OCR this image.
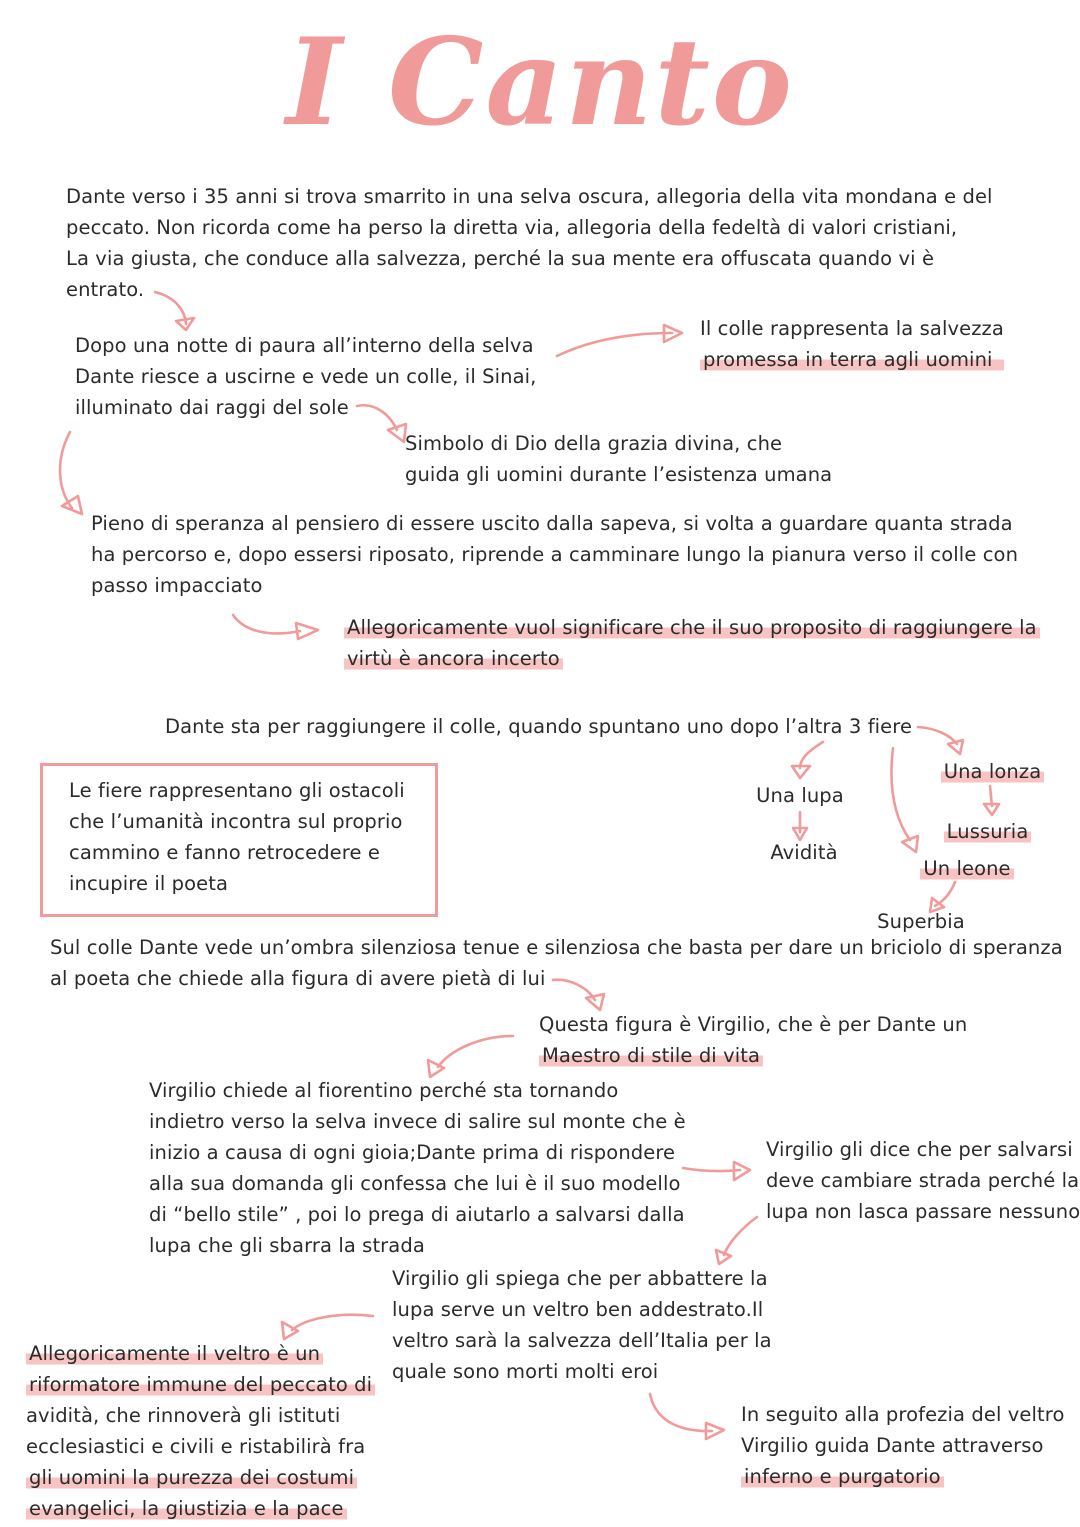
I Canto
Dante verso i 35 anni si trova smarrito in una selva oscura, allegoria della vita mondana e del
peccato. Non ricorda come ha perso la diretta via, allegoria della fedeltà di valori cristiani,
La via giusta, che conduce alla salvezza, perché la sua mente era offuscata quando vi è
entrato.
Dopo una notte di paura all’interno della selva
Dante riesce a uscirne e vede un colle, il Sinai,
illuminato dai raggi del sole
Il colle rappresenta la salvezza
promessa in terra agli uomini
Simbolo di Dio della grazia divina, che
guida gli uomini durante l’esistenza umana
Pieno di speranza al pensiero di essere uscito dalla sapeva, si volta a guardare quanta strada
ha percorso e, dopo essersi riposato, riprende a camminare lungo la pianura verso il colle con
passo impacciato
Allegoricamente vuol significare che il suo proposito di raggiungere la
virtù è ancora incerto
Dante sta per raggiungere il colle, quando spuntano uno dopo l’altra 3 fiere
Le fiere rappresentano gli ostacoli
che l’umanità incontra sul proprio
cammino e fanno retrocedere e
incupire il poeta
Una lupa
Avidità
Una lonza
Lussuria
Un leone
Superbia
Sul colle Dante vede un’ombra silenziosa tenue e silenziosa che basta per dare un briciolo di speranza
al poeta che chiede alla figura di avere pietà di lui
Questa figura è Virgilio, che è per Dante un
Maestro di stile di vita
Virgilio chiede al fiorentino perché sta tornando
indietro verso la selva invece di salire sul monte che è
inizio a causa di ogni gioia;Dante prima di rispondere
alla sua domanda gli confessa che lui è il suo modello
di “bello stile” , poi lo prega di aiutarlo a salvarsi dalla
lupa che gli sbarra la strada
Virgilio gli dice che per salvarsi
deve cambiare strada perché la
lupa non lasca passare nessuno
Virgilio gli spiega che per abbattere la
lupa serve un veltro ben addestrato.Il
veltro sarà la salvezza dell’Italia per la
quale sono morti molti eroi
Allegoricamente il veltro è un
riformatore immune del peccato di
avidità, che rinnoverà gli istituti
ecclesiastici e civili e ristabilirà fra
gli uomini la purezza dei costumi
evangelici, la giustizia e la pace
In seguito alla profezia del veltro
Virgilio guida Dante attraverso
inferno e purgatorio
